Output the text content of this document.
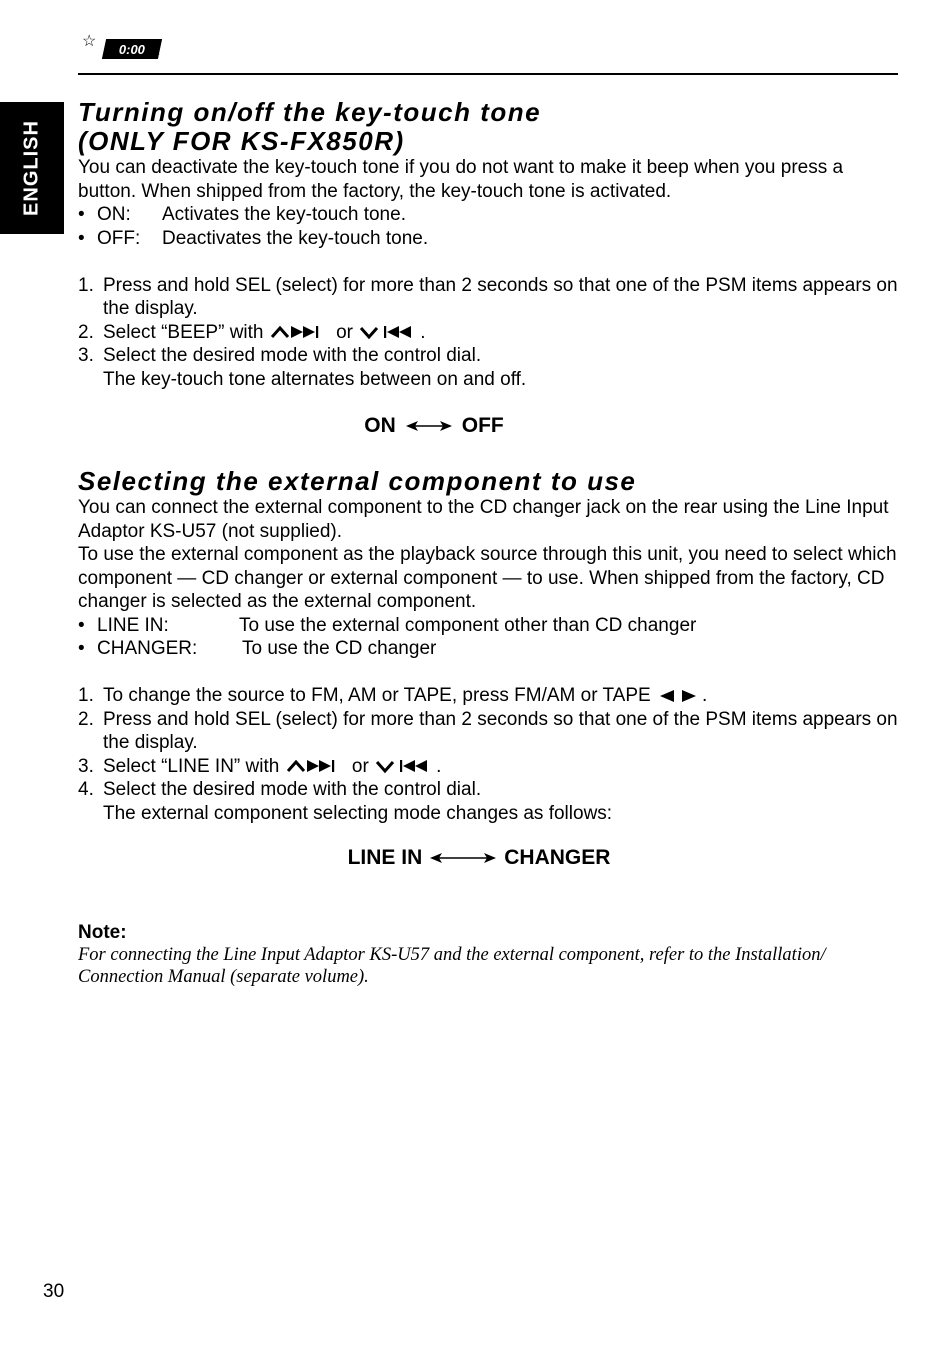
☆ 0:00 ☼
ENGLISH
Turning on/off the key-touch tone
(ONLY FOR KS-FX850R)

You can deactivate the key-touch tone if you do not want to make it beep when you press a button. When shipped from the factory, the key-touch tone is activated.

• ON:	Activates the key-touch tone.
• OFF:	Deactivates the key-touch tone.
1. Press and hold SEL (select) for more than 2 seconds so that one of the PSM items appears on the display.
2. Select “BEEP” with	or	.
3. Select the desired mode with the control dial.
The key-touch tone alternates between on and off.
ON	OFF
Selecting the external component to use

You can connect the external component to the CD changer jack on the rear using the Line Input Adaptor KS-U57 (not supplied).

To use the external component as the playback source through this unit, you need to select which component — CD changer or external component — to use. When shipped from the factory, CD changer is selected as the external component.

• LINE IN:	To use the external component other than CD changer
• CHANGER:	To use the CD changer
1. To change the source to FM, AM or TAPE, press FM/AM or TAPE	.
2. Press and hold SEL (select) for more than 2 seconds so that one of the PSM items appears on the display.
3. Select “LINE IN” with	or	.
4. Select the desired mode with the control dial.
The external component selecting mode changes as follows:
LINE IN	CHANGER
Note:
For connecting the Line Input Adaptor KS-U57 and the external component, refer to the Installation/ Connection Manual (separate volume).
30
